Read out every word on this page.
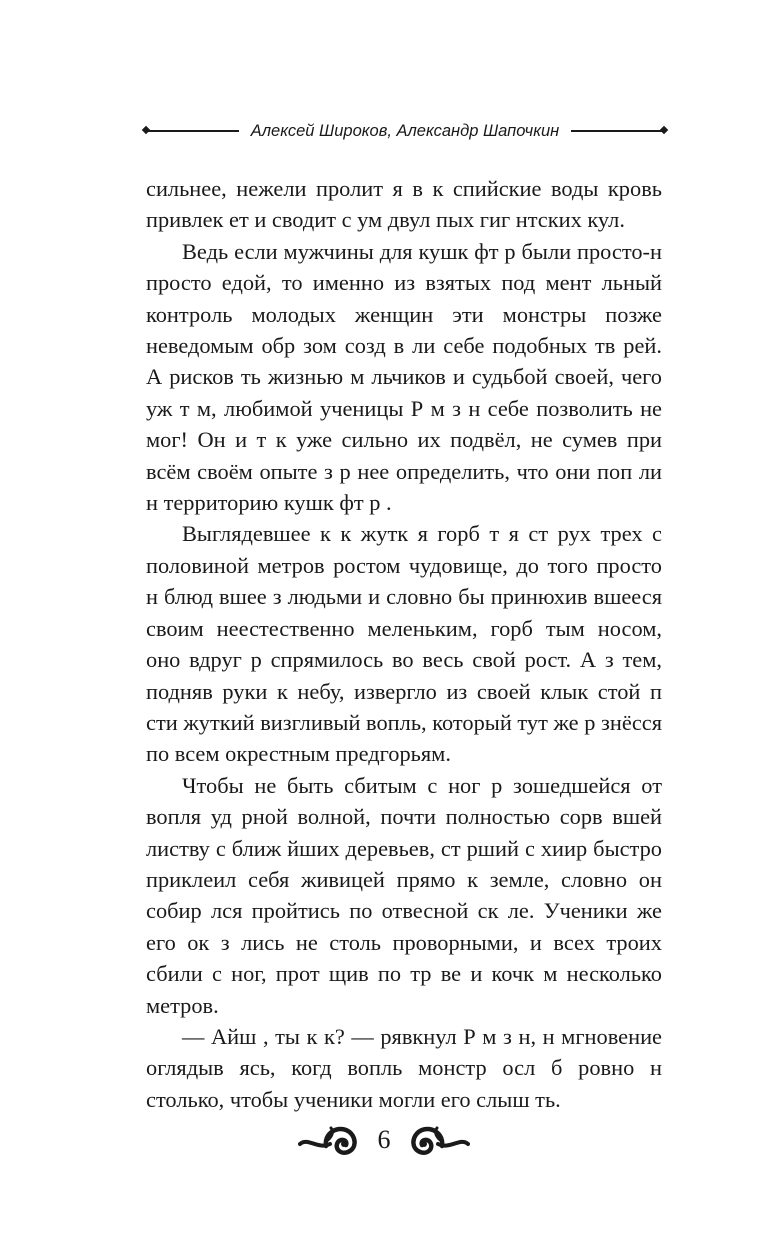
Алексей Широков, Александр Шапочкин

сильнее, нежели пролит я в к спийские воды кровь привлек ет и сводит с ум двул пых гиг нтских кул.

Ведь если мужчины для кушк фт р были просто-н просто едой, то именно из взятых под мент льный контроль молодых женщин эти монстры позже неведомым обр зом созд в ли себе подобных тв рей. А рисков ть жизнью м льчиков и судьбой своей, чего уж т м, любимой ученицы Р м з н себе позволить не мог! Он и т к уже сильно их подвёл, не сумев при всём своём опыте з р нее определить, что они поп ли н территорию кушк фт р .

Выглядевшее к к жутк я горб т я ст рух трех с половиной метров ростом чудовище, до того просто н блюд вшее з людьми и словно бы принюхив вшееся своим неестественно меленьким, горб тым носом, оно вдруг р спрямилось во весь свой рост. А з тем, подняв руки к небу, извергло из своей клык стой п сти жуткий визгливый вопль, который тут же р знёсся по всем окрестным предгорьям.

Чтобы не быть сбитым с ног р зошедшейся от вопля уд рной волной, почти полностью сорв вшей листву с ближ йших деревьев, ст рший с хиир быстро приклеил себя живицей прямо к земле, словно он собир лся пройтись по отвесной ск ле. Ученики же его ок з лись не столь проворными, и всех троих сбили с ног, прот щив по тр ве и кочк м несколько метров.

— Айш , ты к к? — рявкнул Р м з н, н мгновение оглядыв ясь, когд вопль монстр осл б ровно н столько, чтобы ученики могли его слыш ть.

6
